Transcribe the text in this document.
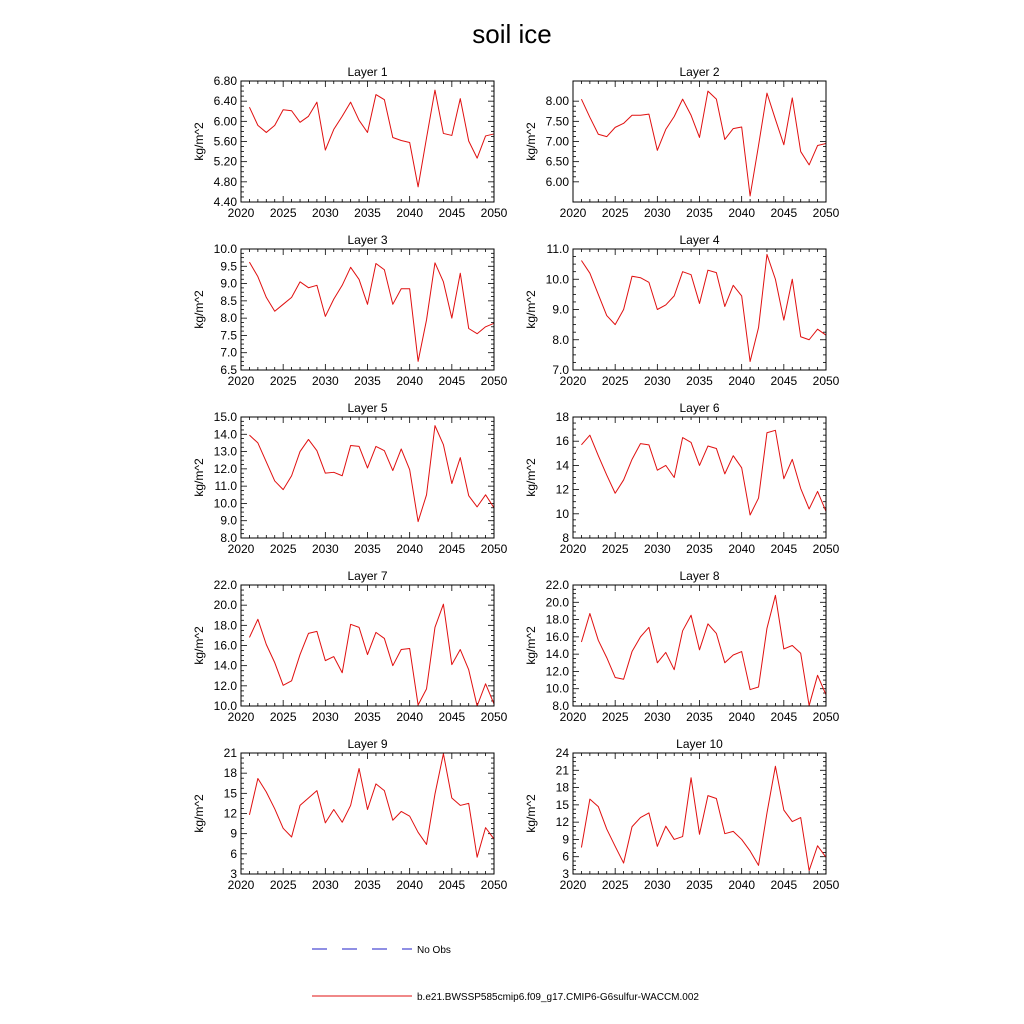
soil ice
Layer 1
kg/m^2
2020 2025 2030 2035 2040 2045 2050
4.40
4.80
5.20
5.60
6.00
6.40
6.80
Layer 2
kg/m^2
2020 2025 2030 2035 2040 2045 2050
6.00
6.50
7.00
7.50
8.00
Layer 3
kg/m^2
2020 2025 2030 2035 2040 2045 2050
6.5
7.0
7.5
8.0
8.5
9.0
9.5
10.0
Layer 4
kg/m^2
2020 2025 2030 2035 2040 2045 2050
7.0
8.0
9.0
10.0
11.0
Layer 5
kg/m^2
2020 2025 2030 2035 2040 2045 2050
8.0
9.0
10.0
11.0
12.0
13.0
14.0
15.0
Layer 6
kg/m^2
2020 2025 2030 2035 2040 2045 2050
8
10
12
14
16
18
Layer 7
kg/m^2
2020 2025 2030 2035 2040 2045 2050
10.0
12.0
14.0
16.0
18.0
20.0
22.0
Layer 8
kg/m^2
2020 2025 2030 2035 2040 2045 2050
8.0
10.0
12.0
14.0
16.0
18.0
20.0
22.0
Layer 9
kg/m^2
2020 2025 2030 2035 2040 2045 2050
3
6
9
12
15
18
21
Layer 10
kg/m^2
2020 2025 2030 2035 2040 2045 2050
3
6
9
12
15
18
21
24
No Obs
b.e21.BWSSP585cmip6.f09_g17.CMIP6-G6sulfur-WACCM.002
